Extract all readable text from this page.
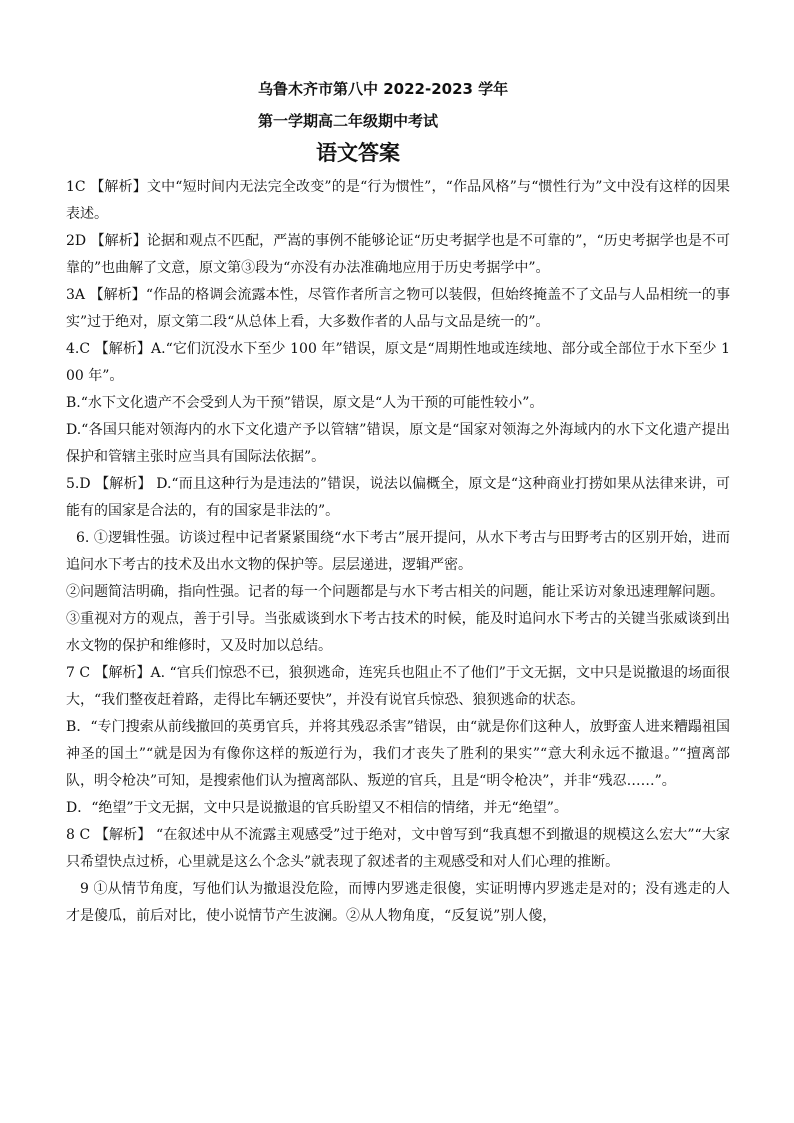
乌鲁木齐市第八中 2022-2023 学年
第一学期高二年级期中考试
语文答案

1C 【解析】文中“短时间内无法完全改变”的是“行为惯性”，“作品风格”与“惯性行为”文中没有这样的因果表述。

2D 【解析】论据和观点不匹配，严嵩的事例不能够论证“历史考据学也是不可靠的”，“历史考据学也是不可靠的”也曲解了文意，原文第③段为“亦没有办法准确地应用于历史考据学中”。

3A 【解析】“作品的格调会流露本性，尽管作者所言之物可以装假，但始终掩盖不了文品与人品相统一的事实”过于绝对，原文第二段“从总体上看，大多数作者的人品与文品是统一的”。

4.C 【解析】A.“它们沉没水下至少 100 年”错误，原文是“周期性地或连续地、部分或全部位于水下至少 100 年”。

B.“水下文化遗产不会受到人为干预”错误，原文是“人为干预的可能性较小”。

D.“各国只能对领海内的水下文化遗产予以管辖”错误，原文是“国家对领海之外海域内的水下文化遗产提出保护和管辖主张时应当具有国际法依据”。

5.D 【解析】 D.“而且这种行为是违法的”错误，说法以偏概全，原文是“这种商业打捞如果从法律来讲，可能有的国家是合法的，有的国家是非法的”。

6. ①逻辑性强。访谈过程中记者紧紧围绕“水下考古”展开提问，从水下考古与田野考古的区别开始，进而追问水下考古的技术及出水文物的保护等。层层递进，逻辑严密。

②问题简洁明确，指向性强。记者的每一个问题都是与水下考古相关的问题，能让采访对象迅速理解问题。

③重视对方的观点，善于引导。当张威谈到水下考古技术的时候，能及时追问水下考古的关键当张威谈到出水文物的保护和维修时，又及时加以总结。

7 C 【解析】A. “官兵们惊恐不已，狼狈逃命，连宪兵也阻止不了他们”于文无据，文中只是说撤退的场面很大，“我们整夜赶着路，走得比车辆还要快”，并没有说官兵惊恐、狼狈逃命的状态。

B．“专门搜索从前线撤回的英勇官兵，并将其残忍杀害”错误，由“就是你们这种人，放野蛮人进来糟蹋祖国神圣的国土”“就是因为有像你这样的叛逆行为，我们才丧失了胜利的果实”“意大利永远不撤退。”“擅离部队，明令枪决”可知，是搜索他们认为擅离部队、叛逆的官兵，且是“明令枪决”，并非“残忍……”。

D．“绝望”于文无据，文中只是说撤退的官兵盼望又不相信的情绪，并无“绝望”。

8 C 【解析】 “在叙述中从不流露主观感受”过于绝对，文中曾写到“我真想不到撤退的规模这么宏大”“大家只希望快点过桥，心里就是这么个念头”就表现了叙述者的主观感受和对人们心理的推断。

9 ①从情节角度，写他们认为撤退没危险，而博内罗逃走很傻，实证明博内罗逃走是对的；没有逃走的人才是傻瓜，前后对比，使小说情节产生波澜。②从人物角度，“反复说”别人傻，
